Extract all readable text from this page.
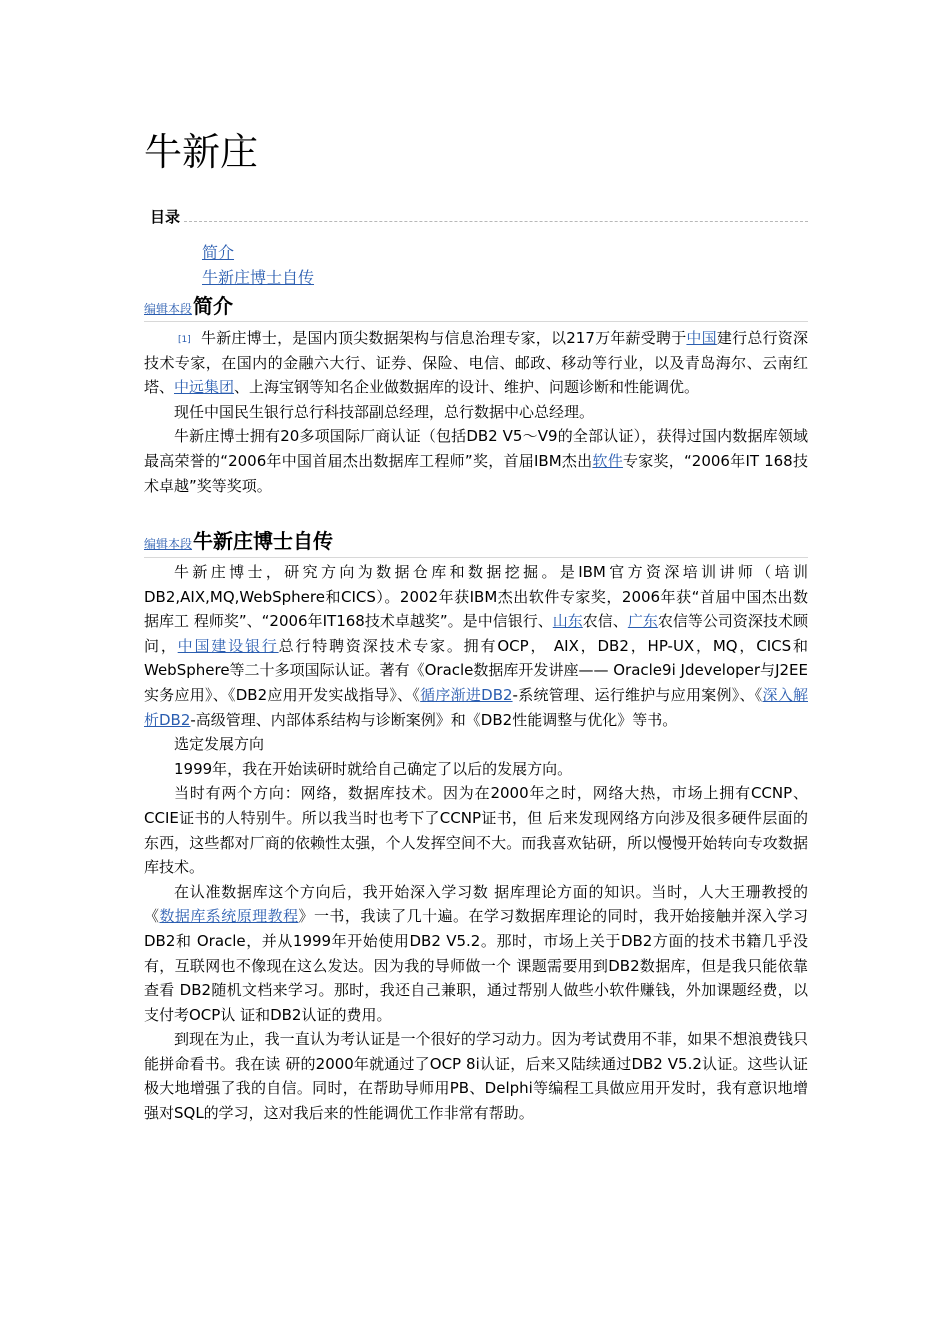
牛新庄
目录
简介
牛新庄博士自传
编辑本段 简介

[1] 牛新庄博士，是国内顶尖数据架构与信息治理专家，以217万年薪受聘于中国建行总行资深技术专家，在国内的金融六大行、证券、保险、电信、邮政、移动等行业，以及青岛海尔、云南红塔、中远集团、上海宝钢等知名企业做数据库的设计、维护、问题诊断和性能调优。

现任中国民生银行总行科技部副总经理，总行数据中心总经理。

牛新庄博士拥有20多项国际厂商认证（包括DB2 V5～V9的全部认证），获得过国内数据库领域最高荣誉的“2006年中国首届杰出数据库工程师”奖，首届IBM杰出软件专家奖，“2006年IT 168技术卓越”奖等奖项。

编辑本段 牛新庄博士自传

牛新庄博士，研究方向为数据仓库和数据挖掘。是IBM官方资深培训讲师（培训DB2,AIX,MQ,WebSphere和CICS）。2002年获IBM杰出软件专家奖，2006年获“首届中国杰出数据库工 程师奖”、“2006年IT168技术卓越奖”。是中信银行、山东农信、广东农信等公司资深技术顾问，中国建设银行总行特聘资深技术专家。拥有OCP， AIX，DB2，HP-UX，MQ，CICS和WebSphere等二十多项国际认证。著有《Oracle数据库开发讲座—— Oracle9i Jdeveloper与J2EE实务应用》、《DB2应用开发实战指导》、《循序渐进DB2-系统管理、运行维护与应用案例》、《深入解析DB2-高级管理、内部体系结构与诊断案例》和《DB2性能调整与优化》等书。

选定发展方向

1999年，我在开始读研时就给自己确定了以后的发展方向。

当时有两个方向：网络，数据库技术。因为在2000年之时，网络大热，市场上拥有CCNP、CCIE证书的人特别牛。所以我当时也考下了CCNP证书，但 后来发现网络方向涉及很多硬件层面的东西，这些都对厂商的依赖性太强，个人发挥空间不大。而我喜欢钻研，所以慢慢开始转向专攻数据库技术。

在认准数据库这个方向后，我开始深入学习数 据库理论方面的知识。当时，人大王珊教授的《数据库系统原理教程》一书，我读了几十遍。在学习数据库理论的同时，我开始接触并深入学习DB2和 Oracle，并从1999年开始使用DB2 V5.2。那时，市场上关于DB2方面的技术书籍几乎没有，互联网也不像现在这么发达。因为我的导师做一个 课题需要用到DB2数据库，但是我只能依靠查看 DB2随机文档来学习。那时，我还自己兼职，通过帮别人做些小软件赚钱，外加课题经费，以支付考OCP认 证和DB2认证的费用。

到现在为止，我一直认为考认证是一个很好的学习动力。因为考试费用不菲，如果不想浪费钱只能拼命看书。我在读 研的2000年就通过了OCP 8i认证，后来又陆续通过DB2 V5.2认证。这些认证极大地增强了我的自信。同时，在帮助导师用PB、Delphi等编程工具做应用开发时，我有意识地增强对SQL的学习，这对我后来的性能调优工作非常有帮助。
